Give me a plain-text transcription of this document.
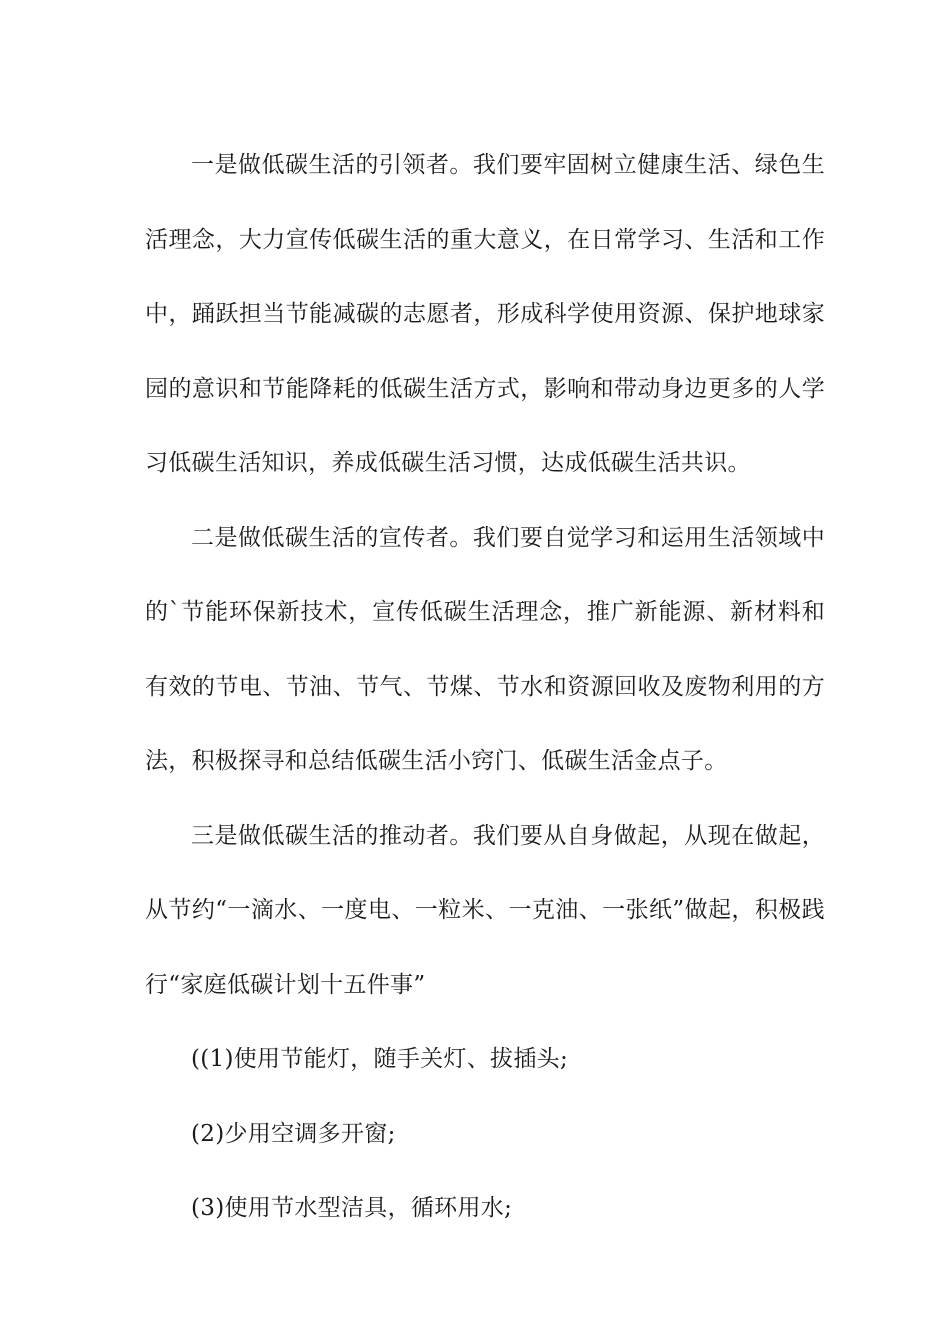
一是做低碳生活的引领者。我们要牢固树立健康生活、绿色生活理念，大力宣传低碳生活的重大意义，在日常学习、生活和工作中，踊跃担当节能减碳的志愿者，形成科学使用资源、保护地球家园的意识和节能降耗的低碳生活方式，影响和带动身边更多的人学习低碳生活知识，养成低碳生活习惯，达成低碳生活共识。

二是做低碳生活的宣传者。我们要自觉学习和运用生活领域中的`节能环保新技术，宣传低碳生活理念，推广新能源、新材料和有效的节电、节油、节气、节煤、节水和资源回收及废物利用的方法，积极探寻和总结低碳生活小窍门、低碳生活金点子。

三是做低碳生活的推动者。我们要从自身做起，从现在做起，从节约“一滴水、一度电、一粒米、一克油、一张纸”做起，积极践行“家庭低碳计划十五件事”

((1)使用节能灯，随手关灯、拔插头;

(2)少用空调多开窗;

(3)使用节水型洁具，循环用水;
